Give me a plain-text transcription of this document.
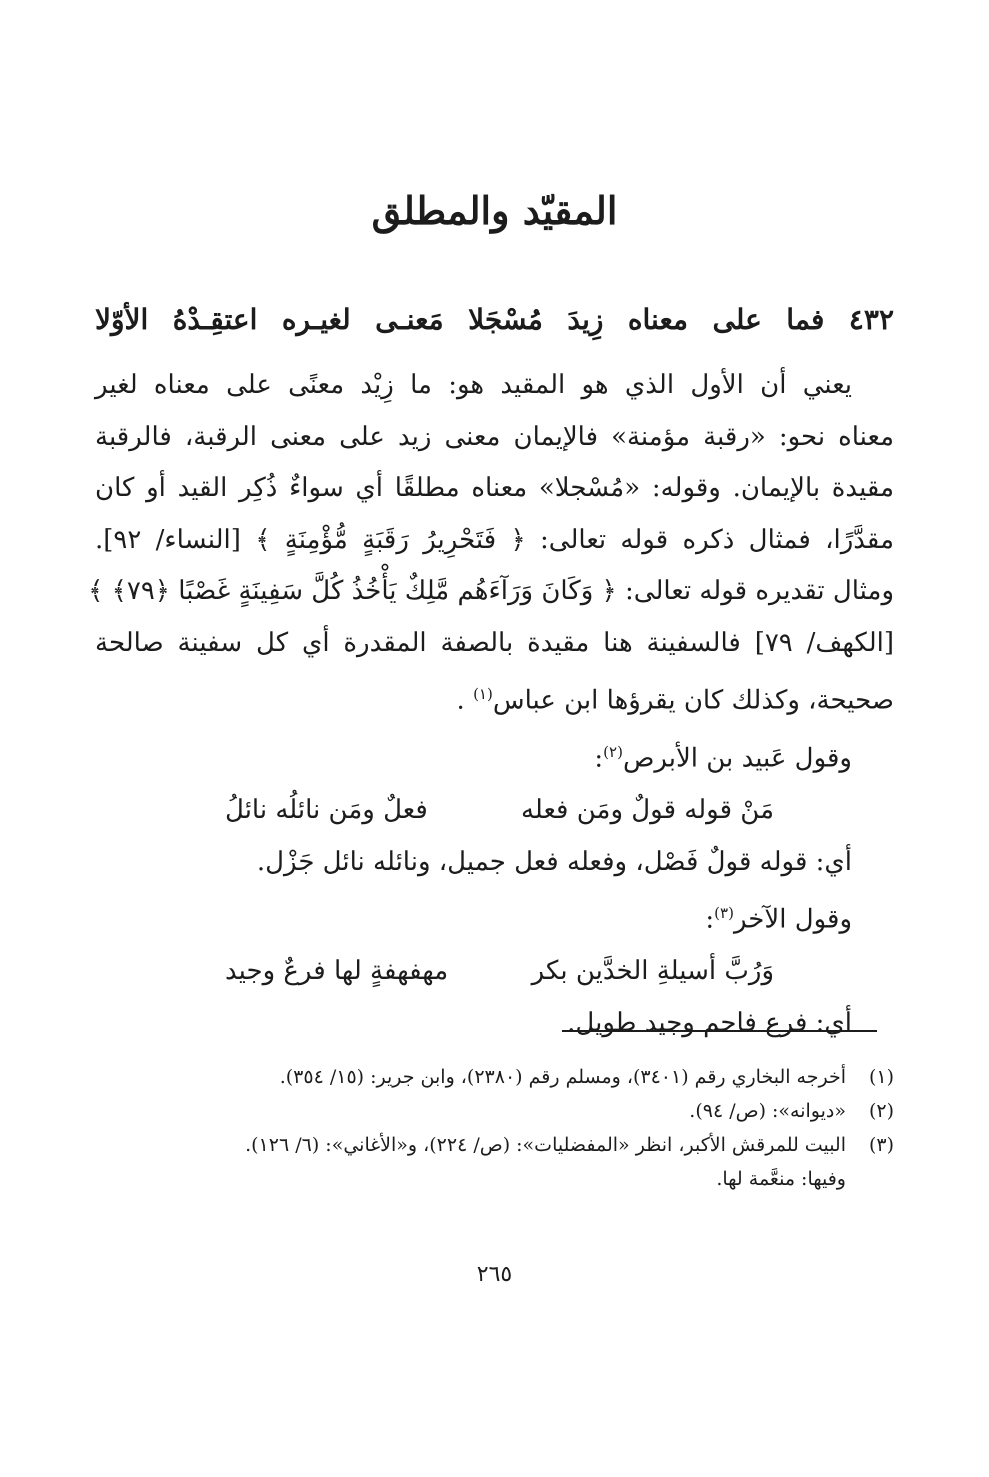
المقيّد والمطلق
٤٣٢ فما على معناه زِيدَ مُسْجَلا مَعنـى لغيـره اعتقِـدْهُ الأوّلا
يعني أن الأول الذي هو المقيد هو: ما زِيْد معنًى على معناه لغير
معناه نحو: «رقبة مؤمنة» فالإيمان معنى زيد على معنى الرقبة، فالرقبة
مقيدة بالإيمان. وقوله: «مُسْجلا» معناه مطلقًا أي سواءٌ ذُكِر القيد أو كان
مقدَّرًا، فمثال ذكره قوله تعالى: ﴿ فَتَحْرِيرُ رَقَبَةٍ مُّؤْمِنَةٍ ﴾ [النساء/ ٩٢].
ومثال تقديره قوله تعالى: ﴿ وَكَانَ وَرَآءَهُم مَّلِكٌ يَأْخُذُ كُلَّ سَفِينَةٍ غَصْبًا ﴿٧٩﴾ ﴾
[الكهف/ ٧٩] فالسفينة هنا مقيدة بالصفة المقدرة أي كل سفينة صالحة
صحيحة، وكذلك كان يقرؤها ابن عباس$^{(١)}$ .
وقول عَبيد بن الأبرص$^{(٢)}$:
مَنْ قوله قولٌ ومَن فعله
فعلٌ ومَن نائلُه نائلُ
أي: قوله قولٌ فَصْل، وفعله فعل جميل، ونائله نائل جَزْل.
وقول الآخر$^{(٣)}$:
وَرُبَّ أسيلةِ الخدَّين بكر
مهفهفةٍ لها فرعٌ وجيد
أي: فرع فاحم وجيد طويل.
(١)
أخرجه البخاري رقم (٣٤٠١)، ومسلم رقم (٢٣٨٠)، وابن جرير: (١٥/ ٣٥٤).
(٢)
«ديوانه»: (ص/ ٩٤).
(٣)
البيت للمرقش الأكبر، انظر «المفضليات»: (ص/ ٢٢٤)، و«الأغاني»: (٦/ ١٢٦).
وفيها: منعَّمة لها.
٢٦٥
